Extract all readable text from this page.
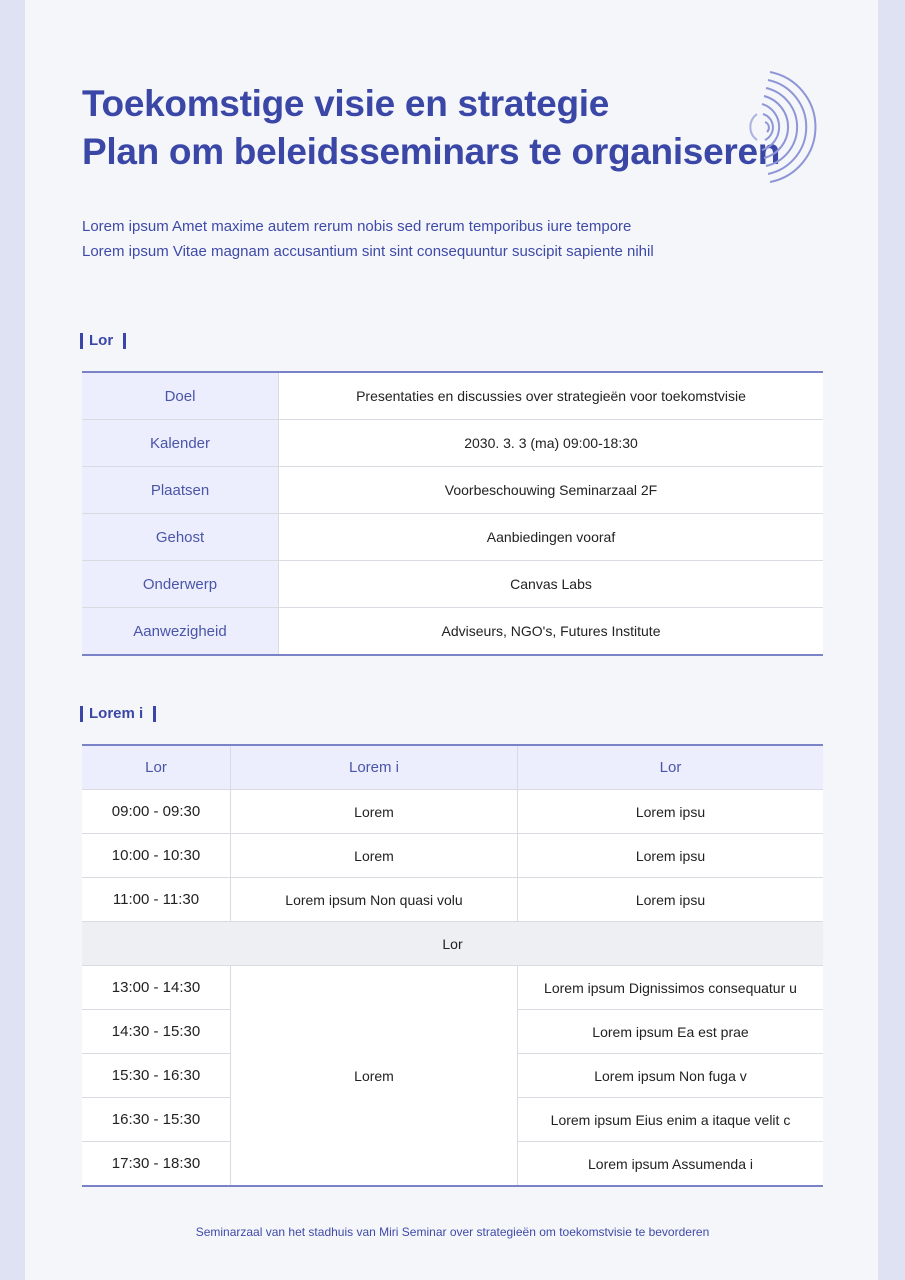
Toekomstige visie en strategie
Plan om beleidsseminars te organiseren
Lorem ipsum Amet maxime autem rerum nobis sed rerum temporibus iure tempore
Lorem ipsum Vitae magnam accusantium sint sint consequuntur suscipit sapiente nihil
Lor
Doel	Presentaties en discussies over strategieën voor toekomstvisie
Kalender	2030. 3. 3 (ma) 09:00-18:30
Plaatsen	Voorbeschouwing Seminarzaal 2F
Gehost	Aanbiedingen vooraf
Onderwerp	Canvas Labs
Aanwezigheid	Adviseurs, NGO's, Futures Institute
Lorem i
Lor	Lorem i	Lor
09:00 - 09:30	Lorem	Lorem ipsu
10:00 - 10:30	Lorem	Lorem ipsu
11:00 - 11:30	Lorem ipsum Non quasi volu	Lorem ipsu
Lor		
13:00 - 14:30	Lorem	Lorem ipsum Dignissimos consequatur u
14:30 - 15:30		Lorem ipsum Ea est prae
15:30 - 16:30		Lorem ipsum Non fuga v
16:30 - 15:30		Lorem ipsum Eius enim a itaque velit c
17:30 - 18:30		Lorem ipsum Assumenda i
Seminarzaal van het stadhuis van Miri Seminar over strategieën om toekomstvisie te bevorderen
